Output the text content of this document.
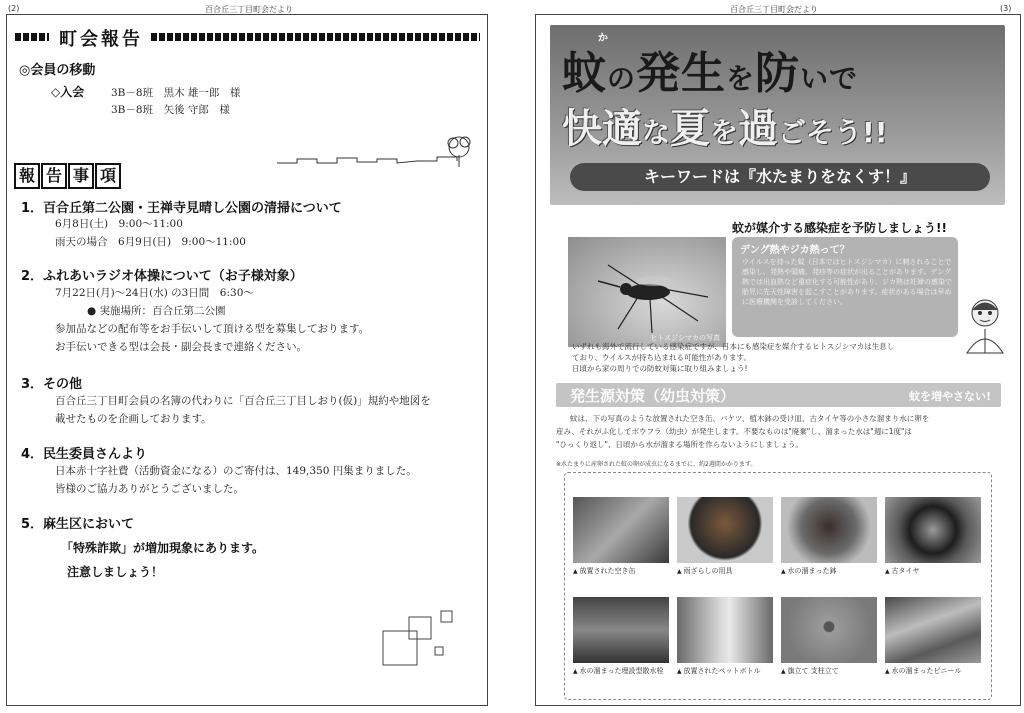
(2)	百合丘三丁目町会だより	百合丘三丁目町会だより	(3)
町会報告
◎会員の移動
◇入会	3B－8班　黒木 雄一郎　様
3B－8班　矢後 守郎　様
報 告 事 項
1．百合丘第二公園・王禅寺見晴し公園の清掃について
6月8日(土)　9:00～11:00
雨天の場合　6月9日(日)　9:00～11:00
2．ふれあいラジオ体操について（お子様対象）
7月22日(月)～24日(水) の3日間　6:30～
● 実施場所：百合丘第二公園
参加品などの配布等をお手伝いして頂ける型を募集しております。
お手伝いできる型は会長・副会長まで連絡ください。
3．その他
百合丘三丁目町会員の名簿の代わりに「百合丘三丁目しおり(仮)」規約や地図を
載せたものを企画しております。
4．民生委員さんより
日本赤十字社費（活動資金になる）のご寄付は、149,350 円集まりました。
皆様のご協力ありがとうございました。
5．麻生区において
「特殊詐欺」が増加現象にあります。
注意しましょう！
か
蚊の発生を防いで
快適な夏を過ごそう!!
キーワードは『水たまりをなくす！』
ヒトスジシマカの写真
蚊が媒介する感染症を予防しましょう!!
デング熱やジカ熱って？
ウイルスを持った蚊（日本ではヒトスジシマカ）に刺されることで感染し、発熱や頭痛、発疹等の症状が出ることがあります。デング熱では出血熱など重症化する可能性があり、ジカ熱は妊婦の感染で胎児に先天性障害を起こすことがあります。症状がある場合は早めに医療機関を受診してください。
いずれも海外で流行している感染症ですが、日本にも感染症を媒介するヒトスジシマカは生息し
ており、ウイルスが持ち込まれる可能性があります。
日頃から家の周りでの防蚊対策に取り組みましょう!
発生源対策（幼虫対策）	蚊を増やさない!
蚊は、下の写真のような放置された空き缶、バケツ、植木鉢の受け皿、古タイヤ等の小さな溜まり水に卵を
産み、それがふ化してボウフラ（幼虫）が発生します。不要なものは"廃棄"し、溜まった水は"週に1度"は
"ひっくり返し"、日頃から水が溜まる場所を作らないようにしましょう。
※水たまりに産卵された蚊の卵が成虫になるまでに、約2週間かかります。
▲ 放置された空き缶	▲ 雨ざらしの用具	▲ 水の溜まった鉢	▲ 古タイヤ
▲ 水の溜まった埋設型散水栓	▲ 放置されたペットボトル	▲ 旗立て 支柱立て	▲ 水の溜まったビニール
